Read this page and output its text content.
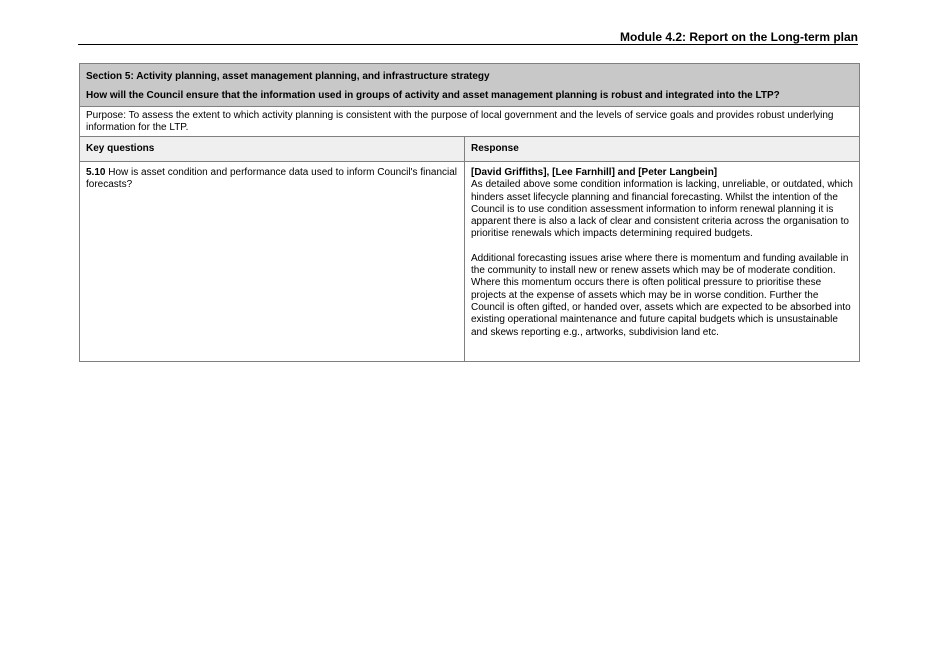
Module 4.2: Report on the Long-term plan
Section 5: Activity planning, asset management planning, and infrastructure strategy
How will the Council ensure that the information used in groups of activity and asset management planning is robust and integrated into the LTP?	

Purpose: To assess the extent to which activity planning is consistent with the purpose of local government and the levels of service goals and provides robust underlying information for the LTP.	
Key questions	Response
5.10 How is asset condition and performance data used to inform Council's financial forecasts?	[David Griffiths], [Lee Farnhill] and [Peter Langbein]

As detailed above some condition information is lacking, unreliable, or outdated, which hinders asset lifecycle planning and financial forecasting. Whilst the intention of the Council is to use condition assessment information to inform renewal planning it is apparent there is also a lack of clear and consistent criteria across the organisation to prioritise renewals which impacts determining required budgets.

Additional forecasting issues arise where there is momentum and funding available in the community to install new or renew assets which may be of moderate condition. Where this momentum occurs there is often political pressure to prioritise these projects at the expense of assets which may be in worse condition. Further the Council is often gifted, or handed over, assets which are expected to be absorbed into existing operational maintenance and future capital budgets which is unsustainable and skews reporting e.g., artworks, subdivision land etc.
